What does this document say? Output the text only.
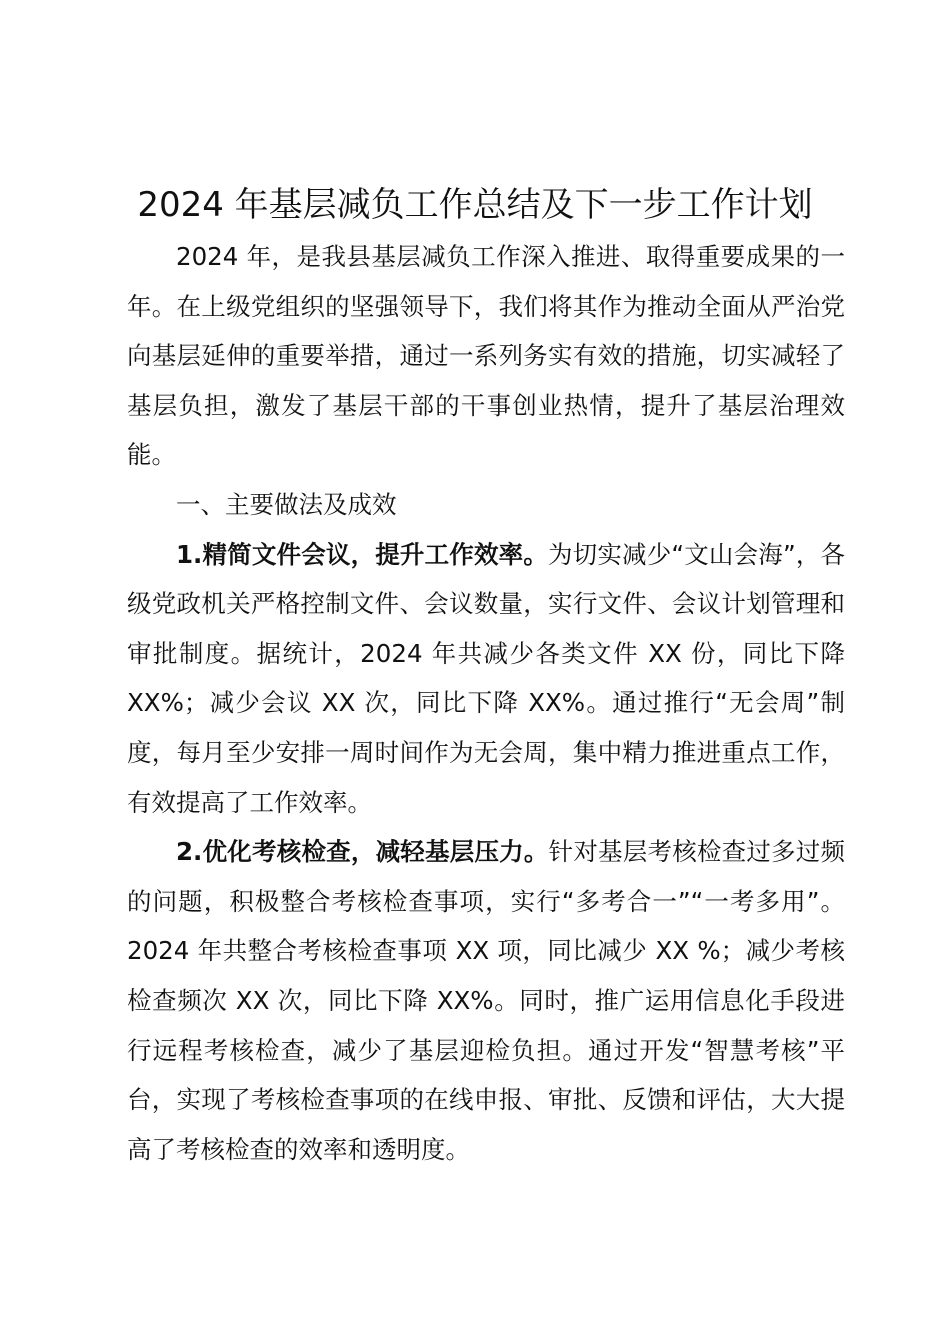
2024 年基层减负工作总结及下一步工作计划

2024 年，是我县基层减负工作深入推进、取得重要成果的一年。在上级党组织的坚强领导下，我们将其作为推动全面从严治党向基层延伸的重要举措，通过一系列务实有效的措施，切实减轻了基层负担，激发了基层干部的干事创业热情，提升了基层治理效能。

一、主要做法及成效

1.精简文件会议，提升工作效率。为切实减少“文山会海”，各级党政机关严格控制文件、会议数量，实行文件、会议计划管理和审批制度。据统计，2024 年共减少各类文件 XX 份，同比下降 XX%；减少会议 XX 次，同比下降 XX%。通过推行“无会周”制度，每月至少安排一周时间作为无会周，集中精力推进重点工作，有效提高了工作效率。

2.优化考核检查，减轻基层压力。针对基层考核检查过多过频的问题，积极整合考核检查事项，实行“多考合一”“一考多用”。2024 年共整合考核检查事项 XX 项，同比减少 XX %；减少考核检查频次 XX 次，同比下降 XX%。同时，推广运用信息化手段进行远程考核检查，减少了基层迎检负担。通过开发“智慧考核”平台，实现了考核检查事项的在线申报、审批、反馈和评估，大大提高了考核检查的效率和透明度。
